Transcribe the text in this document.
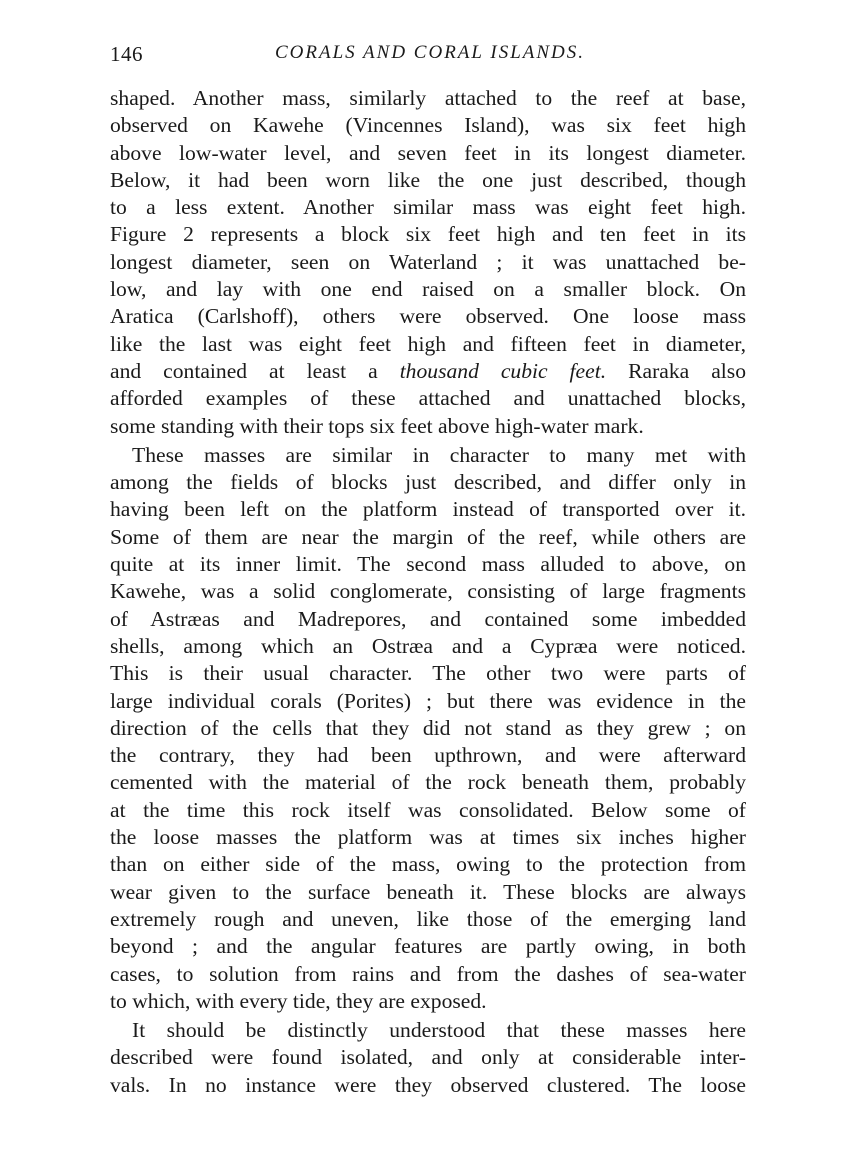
146	CORALS AND CORAL ISLANDS.
shaped. Another mass, similarly attached to the reef at base,
observed on Kawehe (Vincennes Island), was six feet high
above low-water level, and seven feet in its longest diameter.
Below, it had been worn like the one just described, though
to a less extent. Another similar mass was eight feet high.
Figure 2 represents a block six feet high and ten feet in its
longest diameter, seen on Waterland ; it was unattached be-
low, and lay with one end raised on a smaller block. On
Aratica (Carlshoff), others were observed. One loose mass
like the last was eight feet high and fifteen feet in diameter,
and contained at least a thousand cubic feet. Raraka also
afforded examples of these attached and unattached blocks,
some standing with their tops six feet above high-water mark.
These masses are similar in character to many met with
among the fields of blocks just described, and differ only in
having been left on the platform instead of transported over it.
Some of them are near the margin of the reef, while others are
quite at its inner limit. The second mass alluded to above, on
Kawehe, was a solid conglomerate, consisting of large fragments
of Astræas and Madrepores, and contained some imbedded
shells, among which an Ostræa and a Cypræa were noticed.
This is their usual character. The other two were parts of
large individual corals (Porites) ; but there was evidence in the
direction of the cells that they did not stand as they grew ; on
the contrary, they had been upthrown, and were afterward
cemented with the material of the rock beneath them, probably
at the time this rock itself was consolidated. Below some of
the loose masses the platform was at times six inches higher
than on either side of the mass, owing to the protection from
wear given to the surface beneath it. These blocks are always
extremely rough and uneven, like those of the emerging land
beyond ; and the angular features are partly owing, in both
cases, to solution from rains and from the dashes of sea-water
to which, with every tide, they are exposed.
It should be distinctly understood that these masses here
described were found isolated, and only at considerable inter-
vals. In no instance were they observed clustered. The loose
